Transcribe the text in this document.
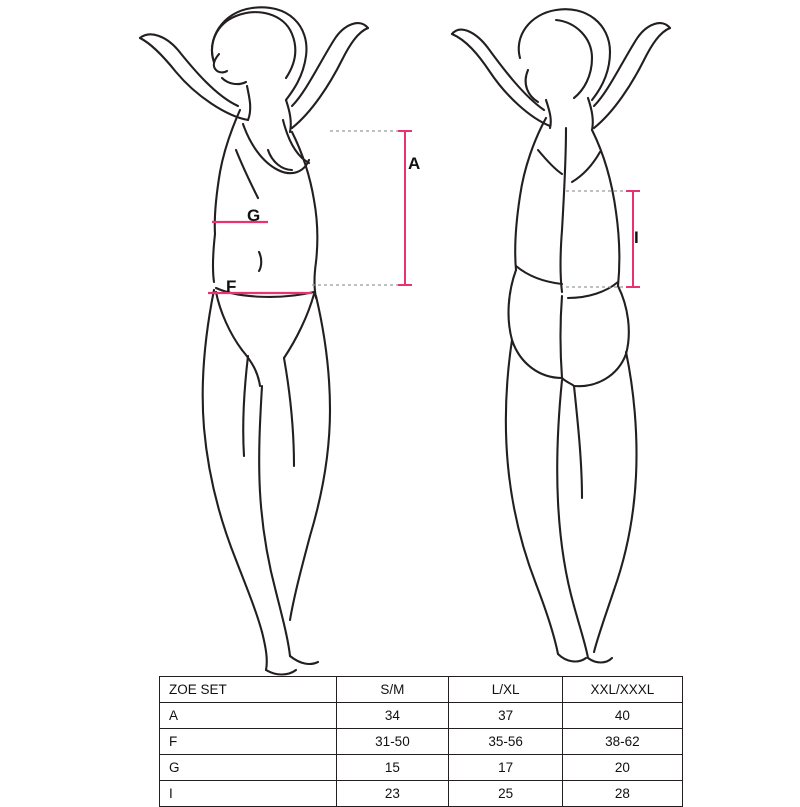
A
G
F
I
ZOE SET	S/M	L/XL	XXL/XXXL
A	34	37	40
F	31-50	35-56	38-62
G	15	17	20
I	23	25	28
